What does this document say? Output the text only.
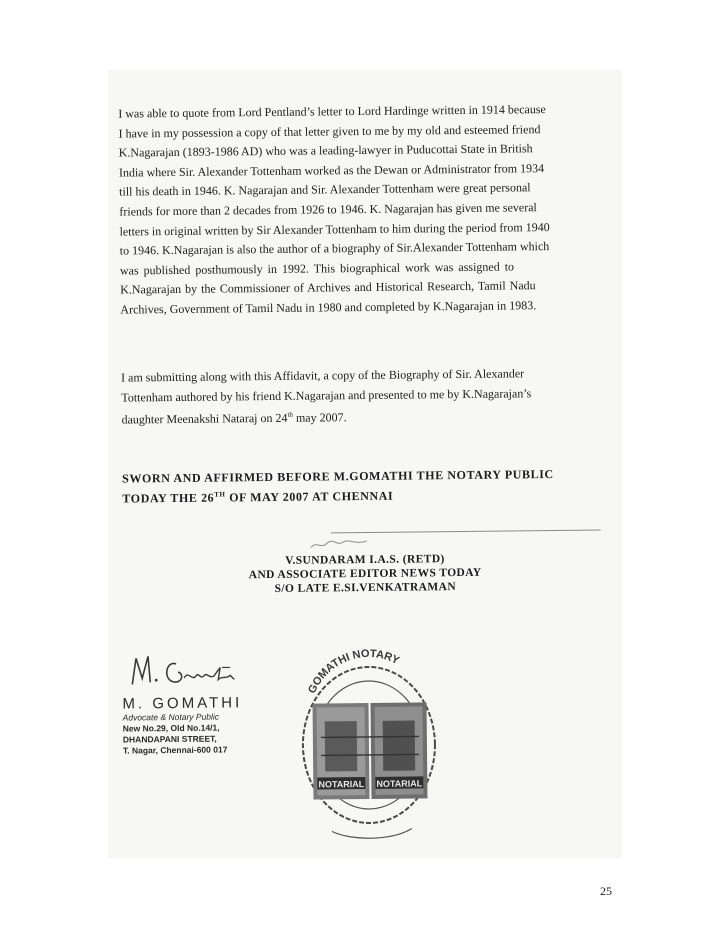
I was able to quote from Lord Pentland’s letter to Lord Hardinge written in 1914 because
I have in my possession a copy of that letter given to me by my old and esteemed friend
K.Nagarajan (1893-1986 AD) who was a leading-lawyer in Puducottai State in British
India where Sir. Alexander Tottenham worked as the Dewan or Administrator from 1934
till his death in 1946. K. Nagarajan and Sir. Alexander Tottenham were great personal
friends for more than 2 decades from 1926 to 1946. K. Nagarajan has given me several
letters in original written by Sir Alexander Tottenham to him during the period from 1940
to 1946. K.Nagarajan is also the author of a biography of Sir.Alexander Tottenham which
was published posthumously in 1992. This biographical work was assigned to
K.Nagarajan by the Commissioner of Archives and Historical Research, Tamil Nadu
Archives, Government of Tamil Nadu in 1980 and completed by K.Nagarajan in 1983.

I am submitting along with this Affidavit, a copy of the Biography of Sir. Alexander
Tottenham authored by his friend K.Nagarajan and presented to me by K.Nagarajan’s
daughter Meenakshi Nataraj on 24th may 2007.

SWORN AND AFFIRMED BEFORE M.GOMATHI THE NOTARY PUBLIC
TODAY THE 26TH OF MAY 2007 AT CHENNAI
V.SUNDARAM I.A.S. (RETD)
AND ASSOCIATE EDITOR NEWS TODAY
S/O LATE E.SI.VENKATRAMAN
M. GOMATHI
Advocate & Notary Public
New No.29, Old No.14/1,
DHANDAPANI STREET,
T. Nagar, Chennai-600 017
GOMATHI NOTARY
NOTARIAL NOTARIAL
25
